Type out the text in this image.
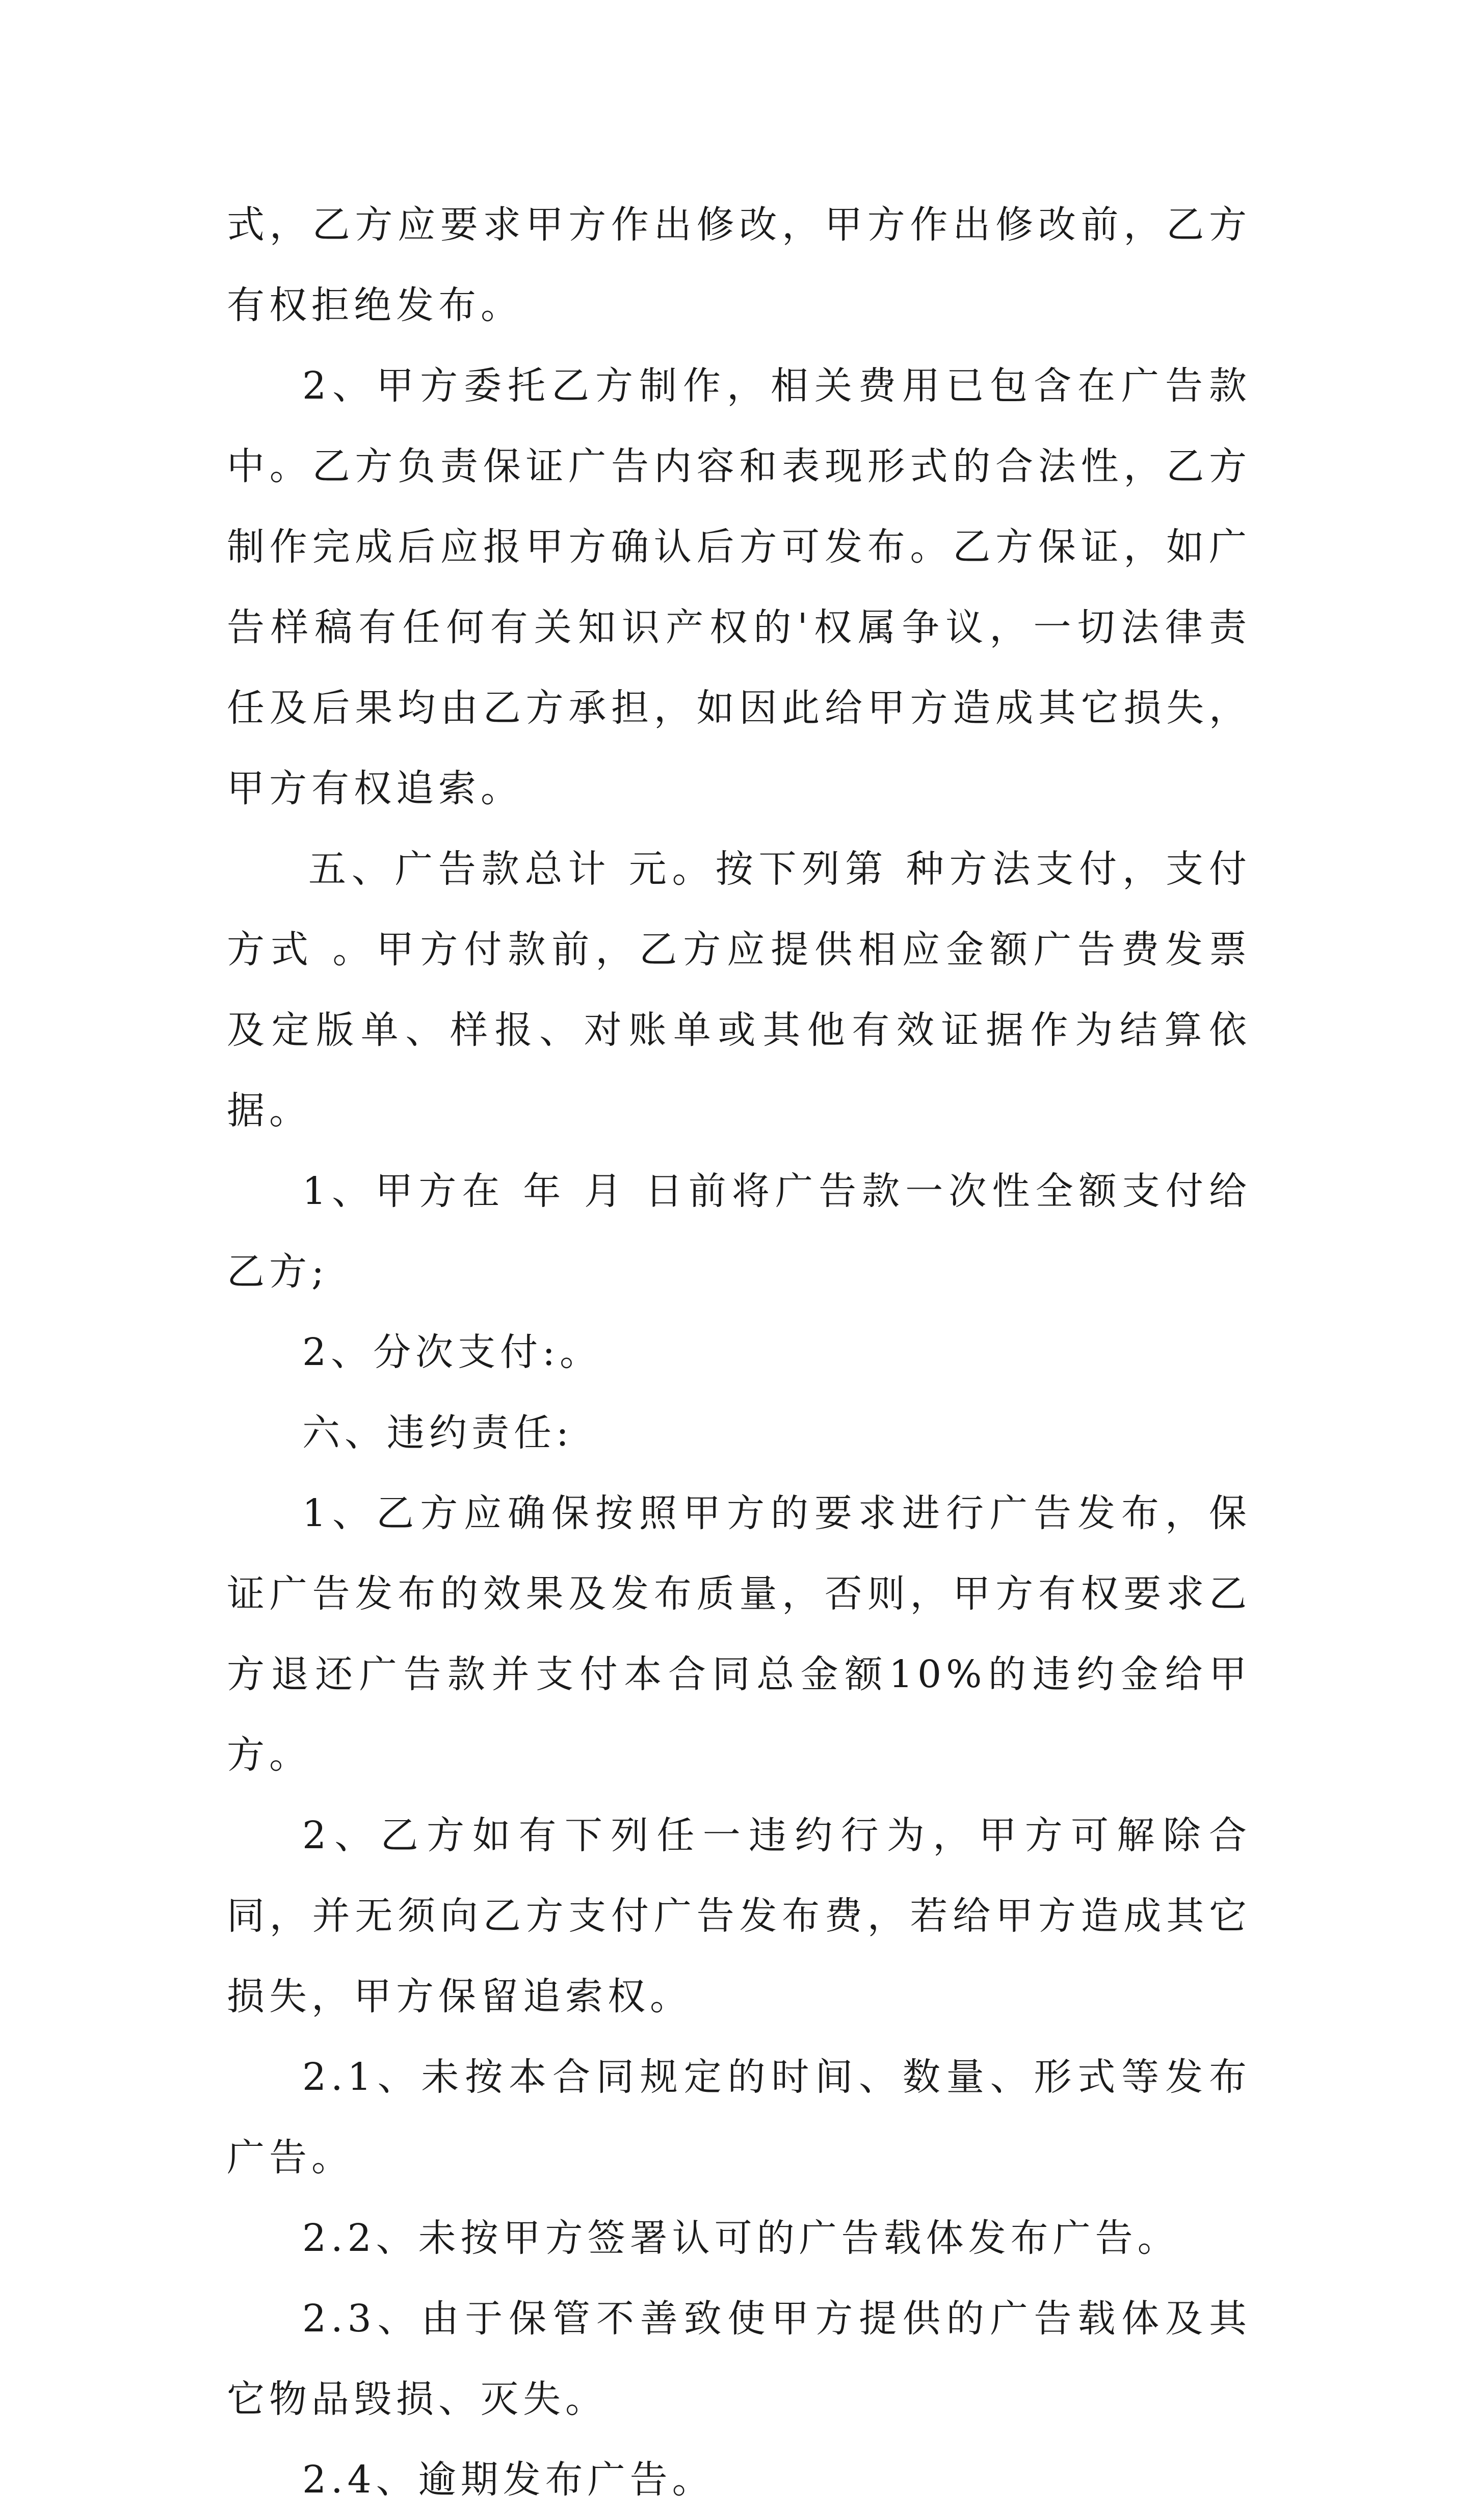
式，乙方应要求甲方作出修改，甲方作出修改前，乙方有权拒绝发布。

2、甲方委托乙方制作，相关费用已包含在广告款中。乙方负责保证广告内容和表现形式的合法性，乙方制作完成后应报甲方确认后方可发布。乙方保证，如广告样稿有任何有关知识产权的'权属争议，一切法律责任及后果均由乙方承担，如因此给甲方造成其它损失，甲方有权追索。

五、广告款总计 元。按下列第 种方法支付，支付方式 。甲方付款前，乙方应提供相应金额广告费发票及定版单、样报、对账单或其他有效证据作为结算依据。

1、甲方在 年 月 日前将广告款一次性全额支付给乙方;

2、分次支付:。

六、违约责任:

1、乙方应确保按照甲方的要求进行广告发布，保证广告发布的效果及发布质量，否则，甲方有权要求乙方退还广告款并支付本合同总金额10%的违约金给甲方。

2、乙方如有下列任一违约行为，甲方可解除合同，并无须向乙方支付广告发布费，若给甲方造成其它损失，甲方保留追索权。

2.1、未按本合同规定的时间、数量、形式等发布广告。

2.2、未按甲方签署认可的广告载体发布广告。

2.3、由于保管不善致使甲方提供的广告载体及其它物品毁损、灭失。

2.4、逾期发布广告。
